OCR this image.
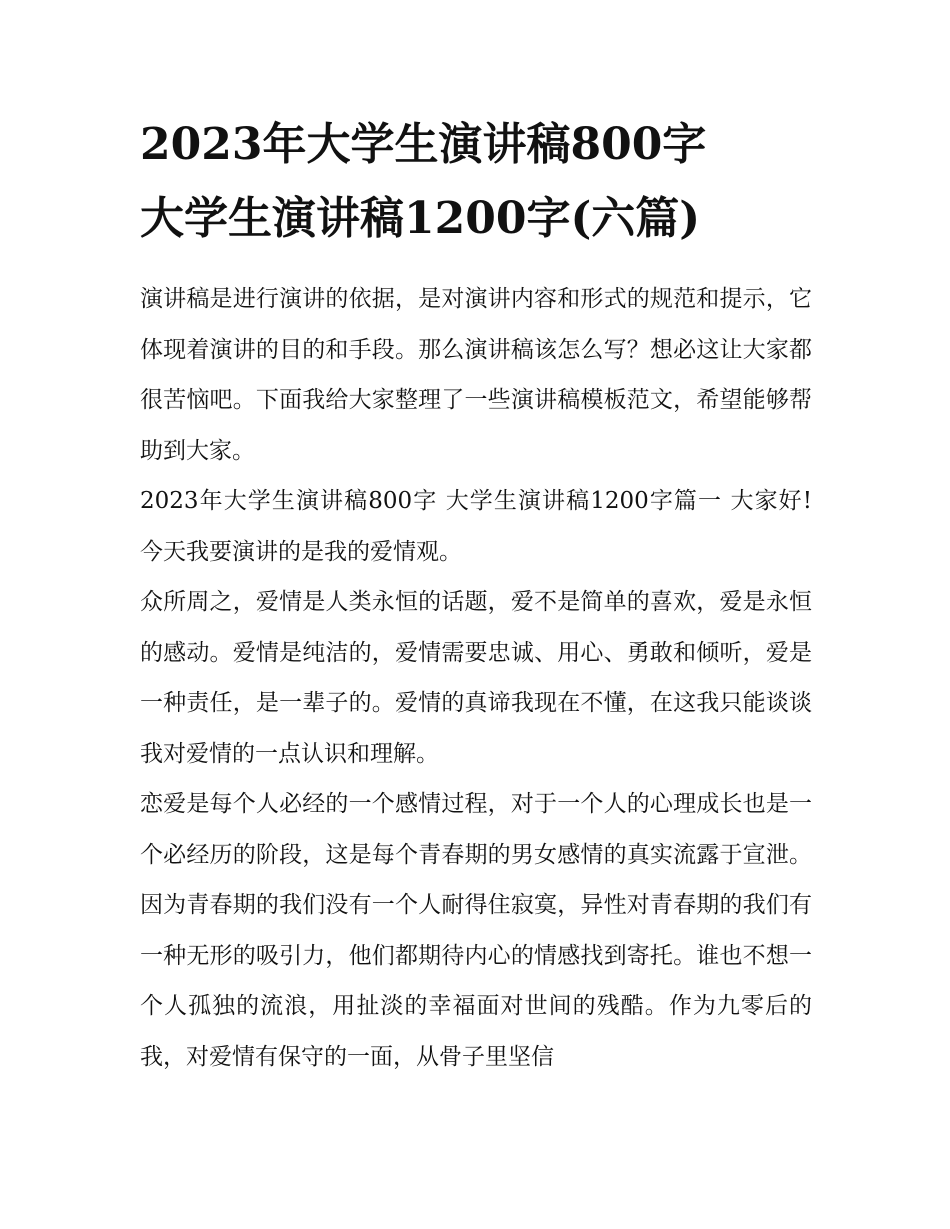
2023年大学生演讲稿800字
大学生演讲稿1200字(六篇)

演讲稿是进行演讲的依据，是对演讲内容和形式的规范和提示，它体现着演讲的目的和手段。那么演讲稿该怎么写？想必这让大家都很苦恼吧。下面我给大家整理了一些演讲稿模板范文，希望能够帮助到大家。

2023年大学生演讲稿800字 大学生演讲稿1200字篇一 大家好! 今天我要演讲的是我的爱情观。

众所周之，爱情是人类永恒的话题，爱不是简单的喜欢，爱是永恒的感动。爱情是纯洁的，爱情需要忠诚、用心、勇敢和倾听，爱是一种责任，是一辈子的。爱情的真谛我现在不懂，在这我只能谈谈我对爱情的一点认识和理解。

恋爱是每个人必经的一个感情过程，对于一个人的心理成长也是一个必经历的阶段，这是每个青春期的男女感情的真实流露于宣泄。因为青春期的我们没有一个人耐得住寂寞，异性对青春期的我们有一种无形的吸引力，他们都期待内心的情感找到寄托。谁也不想一个人孤独的流浪，用扯淡的幸福面对世间的残酷。作为九零后的我，对爱情有保守的一面，从骨子里坚信
